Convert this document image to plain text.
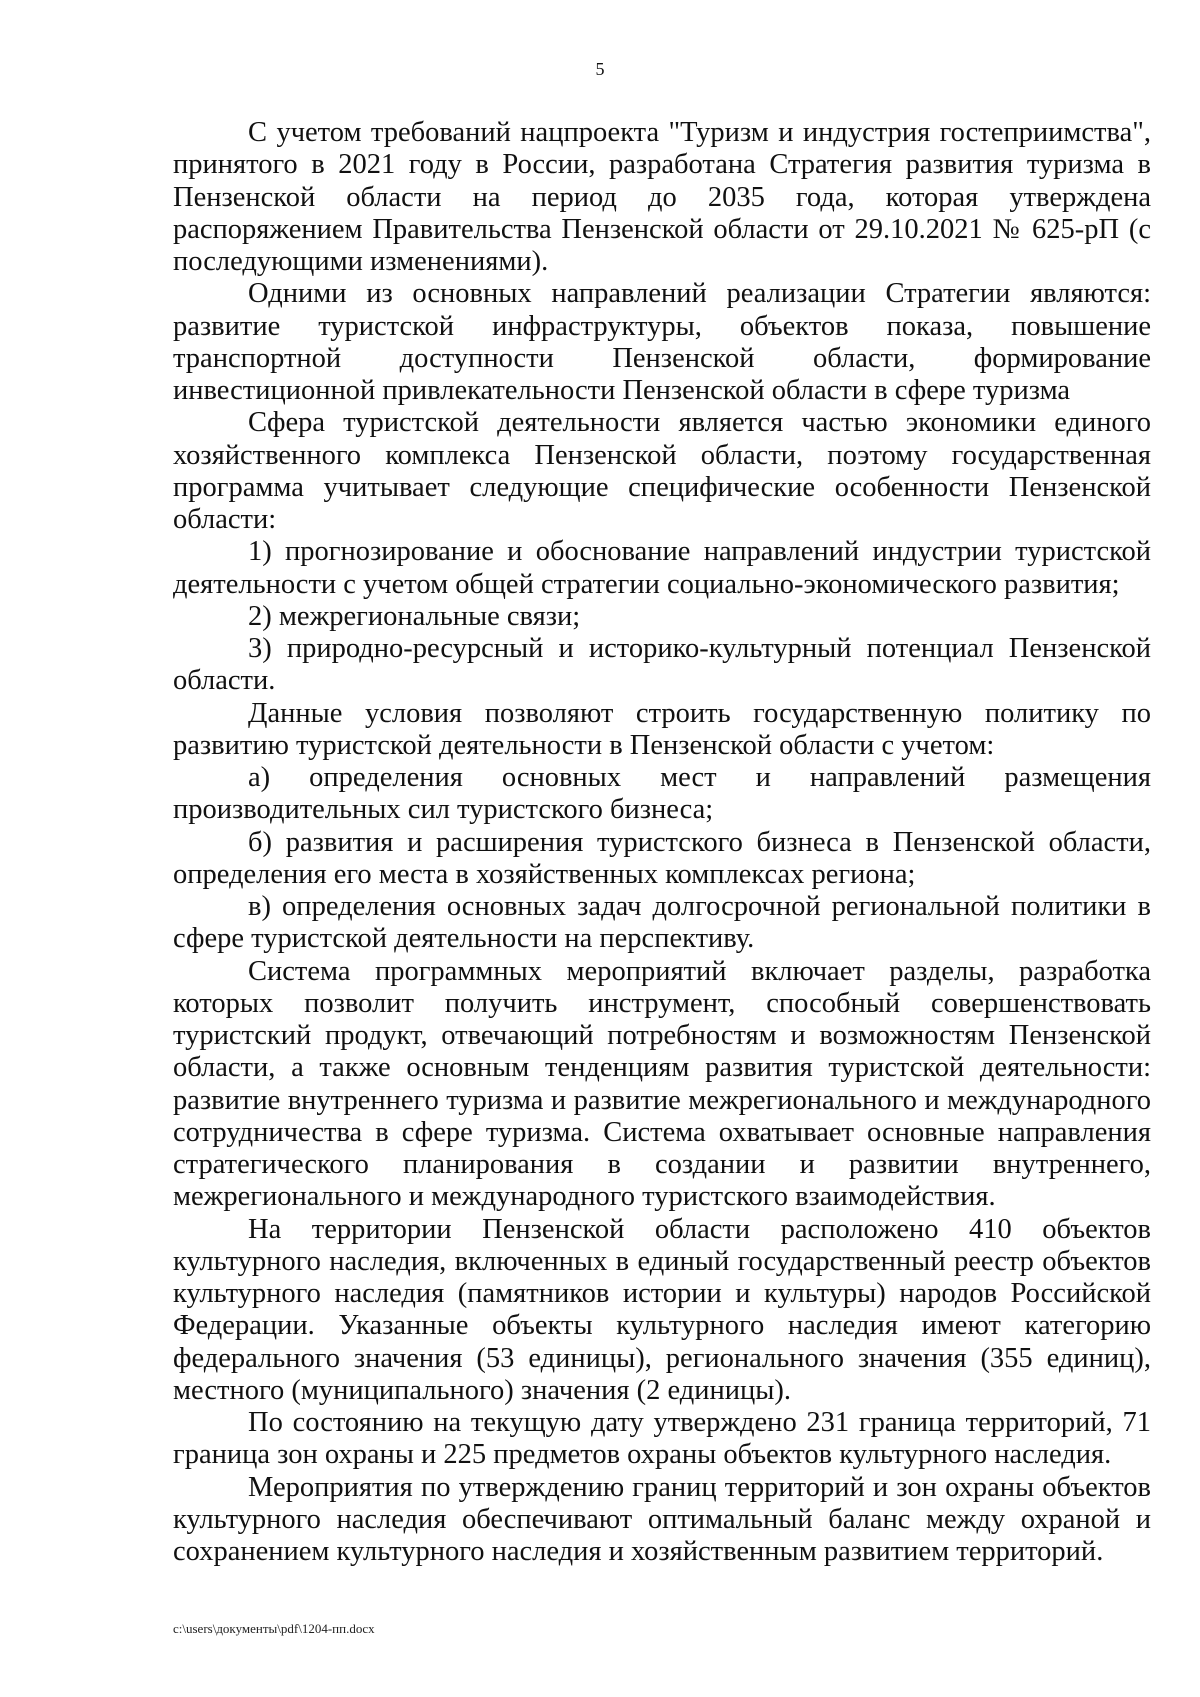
5

С учетом требований нацпроекта "Туризм и индустрия гостеприимства", принятого в 2021 году в России, разработана Стратегия развития туризма в Пензенской области на период до 2035 года, которая утверждена распоряжением Правительства Пензенской области от 29.10.2021 № 625-рП (с последующими изменениями).

Одними из основных направлений реализации Стратегии являются: развитие туристской инфраструктуры, объектов показа, повышение транспортной доступности Пензенской области, формирование инвестиционной привлекательности Пензенской области в сфере туризма

Сфера туристской деятельности является частью экономики единого хозяйственного комплекса Пензенской области, поэтому государственная программа учитывает следующие специфические особенности Пензенской области:

1) прогнозирование и обоснование направлений индустрии туристской деятельности с учетом общей стратегии социально-экономического развития;

2) межрегиональные связи;

3) природно-ресурсный и историко-культурный потенциал Пензенской области.

Данные условия позволяют строить государственную политику по развитию туристской деятельности в Пензенской области с учетом:

а) определения основных мест и направлений размещения производительных сил туристского бизнеса;

б) развития и расширения туристского бизнеса в Пензенской области, определения его места в хозяйственных комплексах региона;

в) определения основных задач долгосрочной региональной политики в сфере туристской деятельности на перспективу.

Система программных мероприятий включает разделы, разработка которых позволит получить инструмент, способный совершенствовать туристский продукт, отвечающий потребностям и возможностям Пензенской области, а также основным тенденциям развития туристской деятельности: развитие внутреннего туризма и развитие межрегионального и международного сотрудничества в сфере туризма. Система охватывает основные направления стратегического планирования в создании и развитии внутреннего, межрегионального и международного туристского взаимодействия.

На территории Пензенской области расположено 410 объектов культурного наследия, включенных в единый государственный реестр объектов культурного наследия (памятников истории и культуры) народов Российской Федерации. Указанные объекты культурного наследия имеют категорию федерального значения (53 единицы), регионального значения (355 единиц), местного (муниципального) значения (2 единицы).

По состоянию на текущую дату утверждено 231 граница территорий, 71 граница зон охраны и 225 предметов охраны объектов культурного наследия.

Мероприятия по утверждению границ территорий и зон охраны объектов культурного наследия обеспечивают оптимальный баланс между охраной и сохранением культурного наследия и хозяйственным развитием территорий.

c:\users\документы\pdf\1204-пп.docx
